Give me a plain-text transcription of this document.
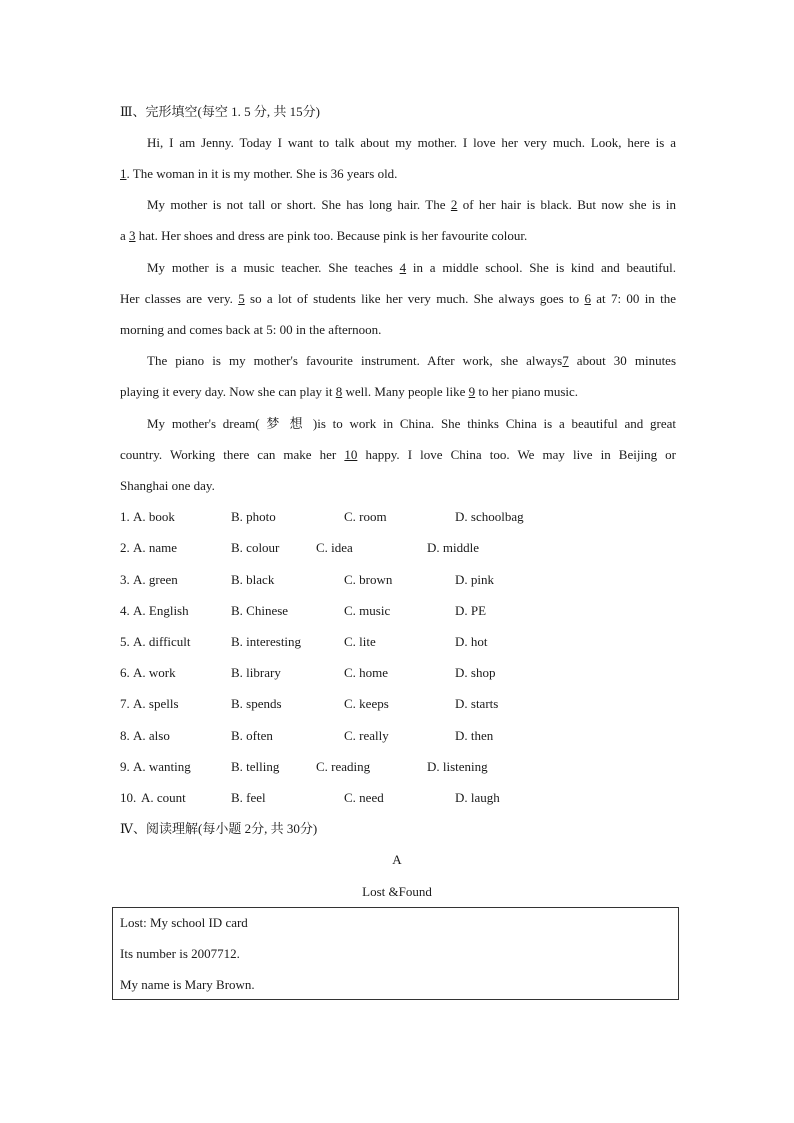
Ⅲ、完形填空(每空 1. 5 分, 共 15分)
Hi, I am Jenny. Today I want to talk about my mother. I love her very much. Look, here is a
1. The woman in it is my mother. She is 36 years old.
My mother is not tall or short. She has long hair. The 2 of her hair is black. But now she is in
a 3 hat. Her shoes and dress are pink too. Because pink is her favourite colour.
My mother is a music teacher. She teaches 4 in a middle school. She is kind and beautiful.
Her classes are very. 5 so a lot of students like her very much. She always goes to 6 at 7: 00 in the
morning and comes back at 5: 00 in the afternoon.
The piano is my mother's favourite instrument. After work, she always7 about 30 minutes
playing it every day. Now she can play it 8 well. Many people like 9 to her piano music.
My mother's dream( 梦 想 )is to work in China. She thinks China is a beautiful and great
country. Working there can make her 10 happy. I love China too. We may live in Beijing or
Shanghai one day.
1. A. book	B. photo	C. room	D. schoolbag
2. A. name	B. colour	C. idea	D. middle
3. A. green	B. black	C. brown	D. pink
4. A. English	B. Chinese	C. music	D. PE
5. A. difficult	B. interesting	C. lite	D. hot
6. A. work	B. library	C. home	D. shop
7. A. spells	B. spends	C. keeps	D. starts
8. A. also	B. often	C. really	D. then
9. A. wanting	B. telling	C. reading	D. listening
10. A. count	B. feel	C. need	D. laugh
Ⅳ、阅读理解(每小题 2分, 共 30分)
A
Lost &Found
Lost: My school ID card
Its number is 2007712.
My name is Mary Brown.
